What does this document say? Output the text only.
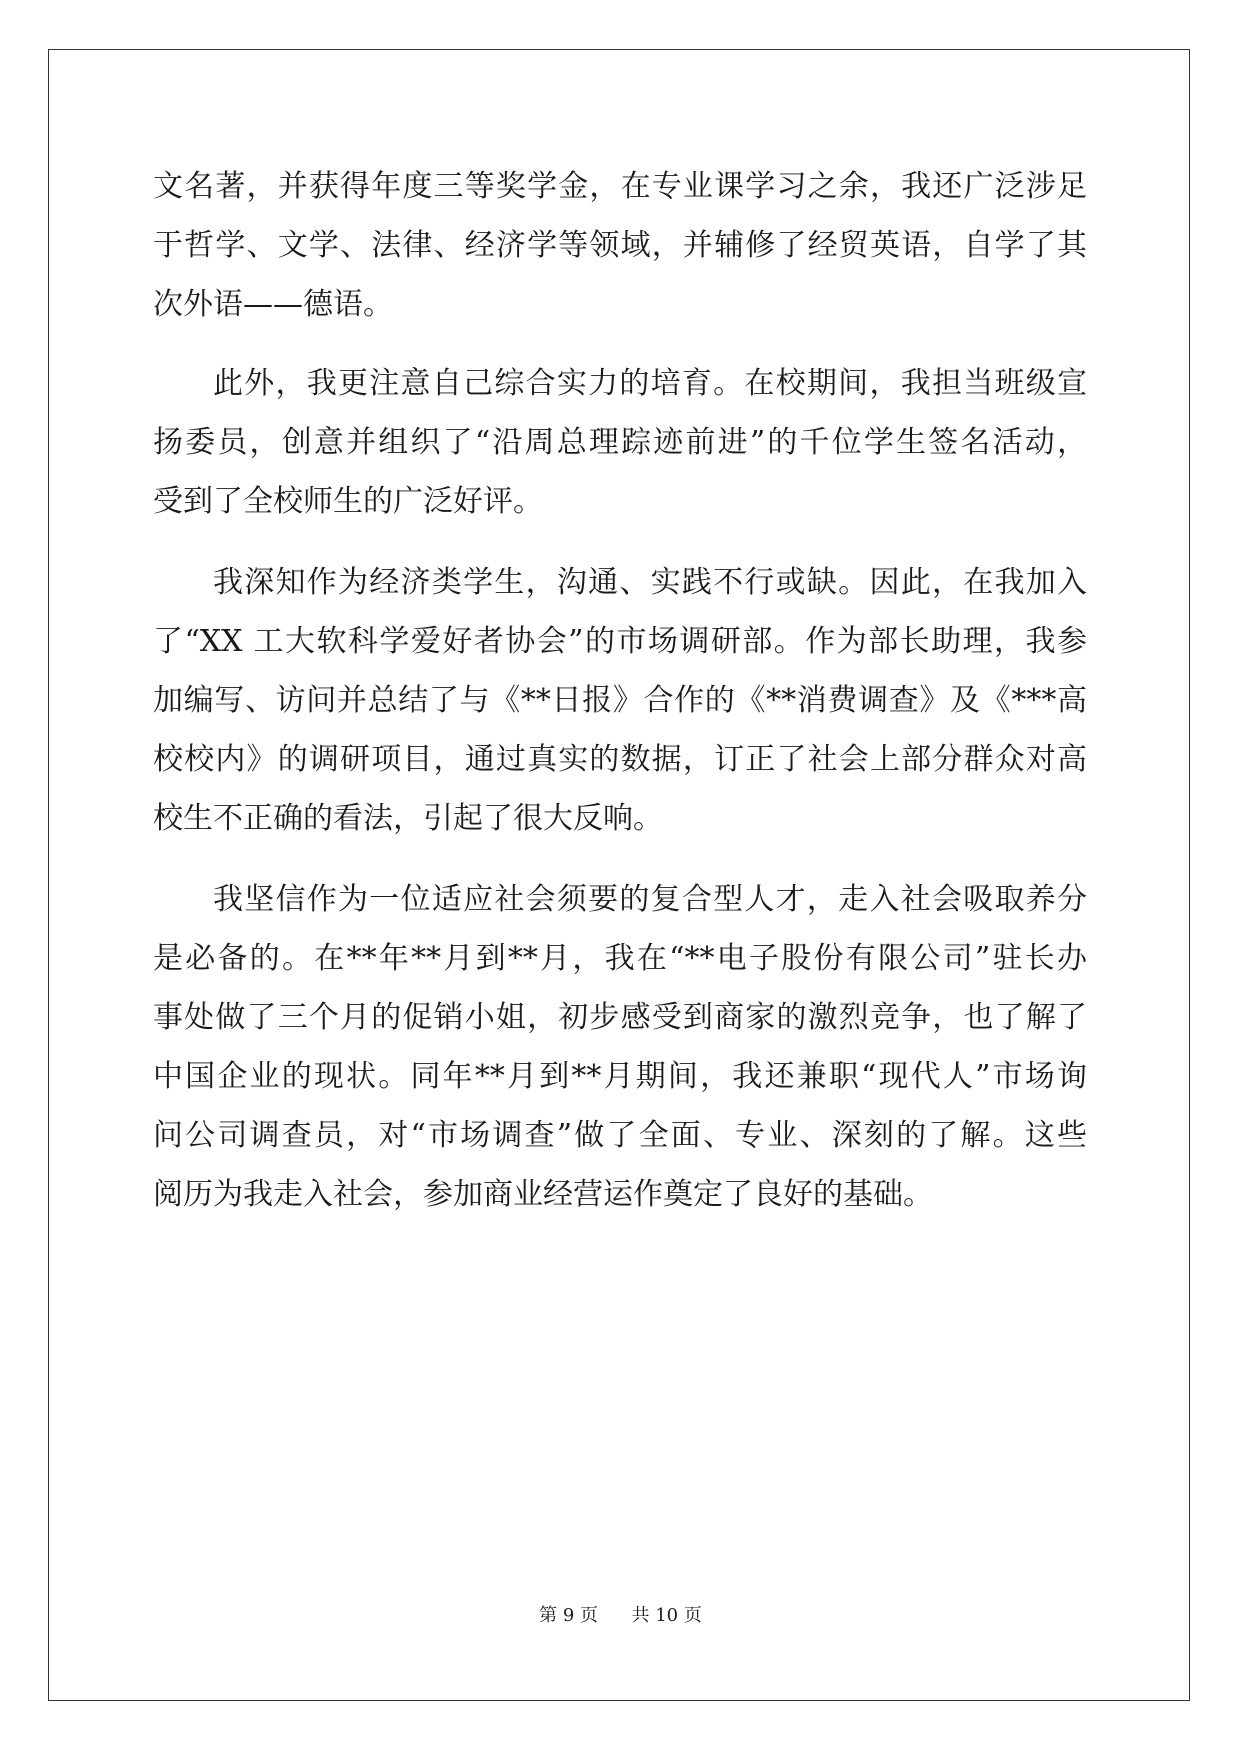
文名著，并获得年度三等奖学金，在专业课学习之余，我还广泛涉足
于哲学、文学、法律、经济学等领域，并辅修了经贸英语，自学了其
次外语——德语。
此外，我更注意自己综合实力的培育。在校期间，我担当班级宣
扬委员，创意并组织了“沿周总理踪迹前进”的千位学生签名活动，
受到了全校师生的广泛好评。
我深知作为经济类学生，沟通、实践不行或缺。因此，在我加入
了“XX 工大软科学爱好者协会”的市场调研部。作为部长助理，我参
加编写、访问并总结了与《**日报》合作的《**消费调查》及《***高
校校内》的调研项目，通过真实的数据，订正了社会上部分群众对高
校生不正确的看法，引起了很大反响。
我坚信作为一位适应社会须要的复合型人才，走入社会吸取养分
是必备的。在**年**月到**月，我在“**电子股份有限公司”驻长办
事处做了三个月的促销小姐，初步感受到商家的激烈竞争，也了解了
中国企业的现状。同年**月到**月期间，我还兼职“现代人”市场询
问公司调查员，对“市场调查”做了全面、专业、深刻的了解。这些
阅历为我走入社会，参加商业经营运作奠定了良好的基础。
第 9 页 共 10 页
